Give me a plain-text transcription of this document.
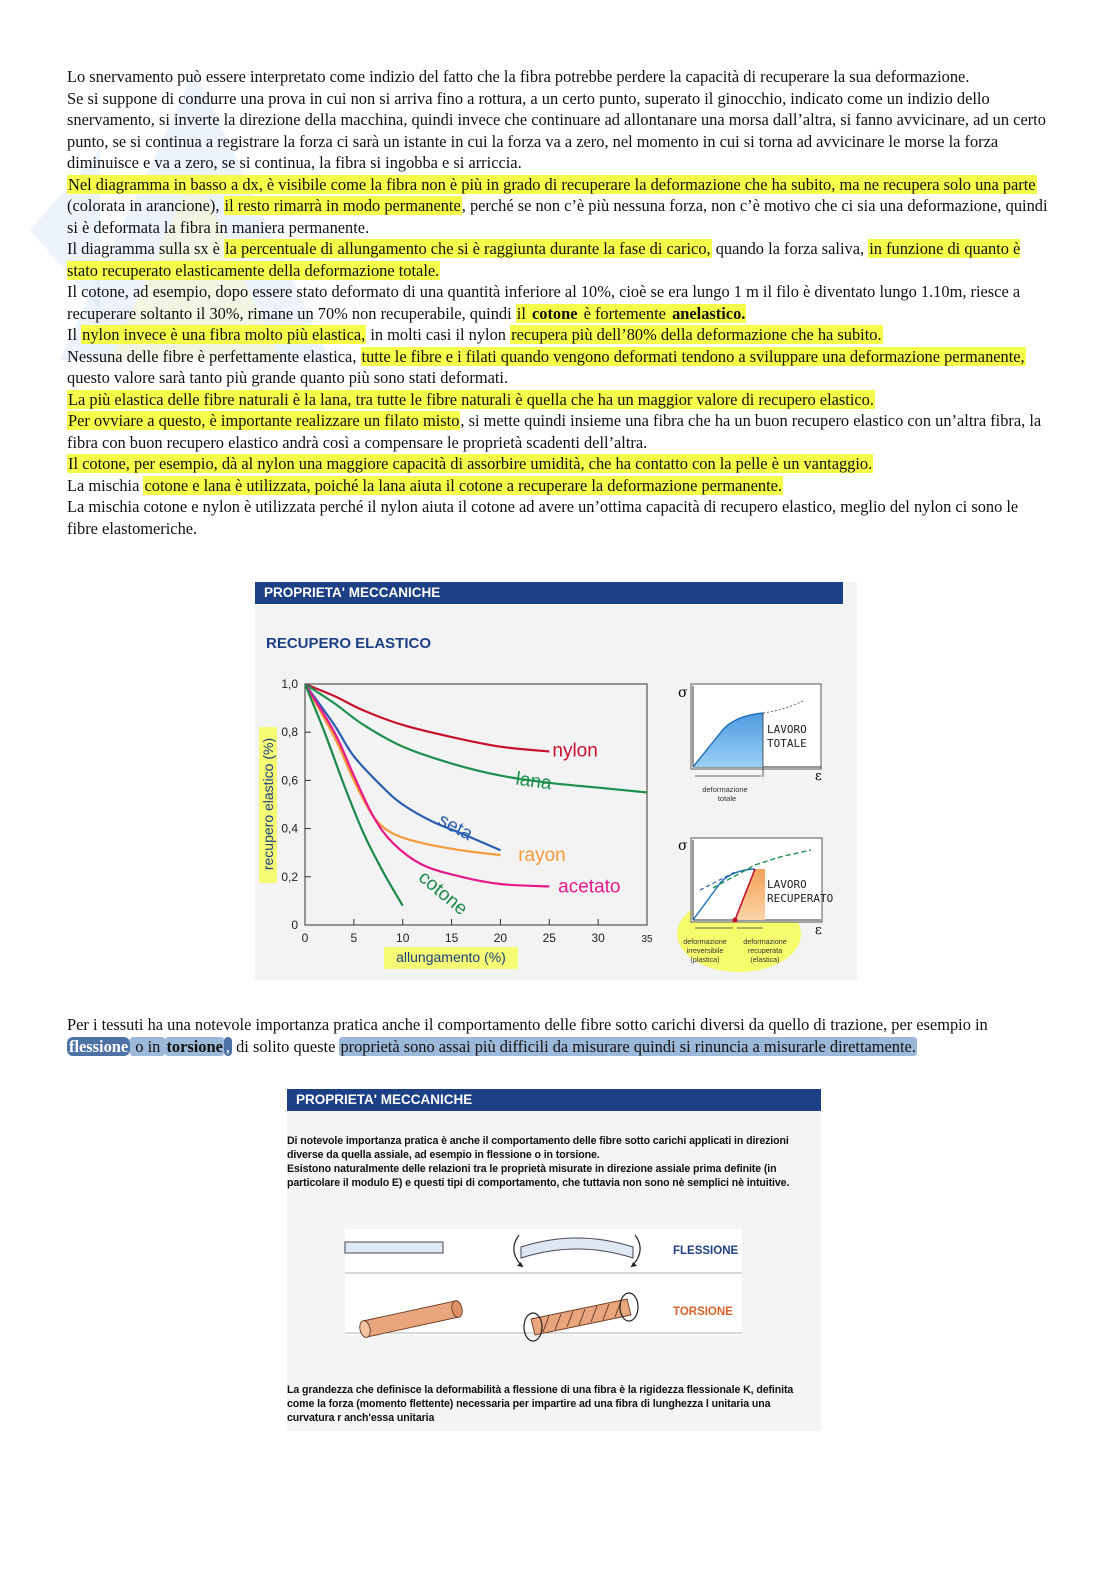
Lo snervamento può essere interpretato come indizio del fatto che la fibra potrebbe perdere la capacità di recuperare la sua deformazione.

Se si suppone di condurre una prova in cui non si arriva fino a rottura, a un certo punto, superato il ginocchio, indicato come un indizio dello snervamento, si inverte la direzione della macchina, quindi invece che continuare ad allontanare una morsa dall’altra, si fanno avvicinare, ad un certo punto, se si continua a registrare la forza ci sarà un istante in cui la forza va a zero, nel momento in cui si torna ad avvicinare le morse la forza diminuisce e va a zero, se si continua, la fibra si ingobba e si arriccia.

Nel diagramma in basso a dx, è visibile come la fibra non è più in grado di recuperare la deformazione che ha subito, ma ne recupera solo una parte (colorata in arancione), il resto rimarrà in modo permanente, perché se non c’è più nessuna forza, non c’è motivo che ci sia una deformazione, quindi si è deformata la fibra in maniera permanente.

Il diagramma sulla sx è la percentuale di allungamento che si è raggiunta durante la fase di carico, quando la forza saliva, in funzione di quanto è stato recuperato elasticamente della deformazione totale.

Il cotone, ad esempio, dopo essere stato deformato di una quantità inferiore al 10%, cioè se era lungo 1 m il filo è diventato lungo 1.10m, riesce a recuperare soltanto il 30%, rimane un 70% non recuperabile, quindi il cotone è fortemente anelastico.

Il nylon invece è una fibra molto più elastica, in molti casi il nylon recupera più dell’80% della deformazione che ha subito.

Nessuna delle fibre è perfettamente elastica, tutte le fibre e i filati quando vengono deformati tendono a sviluppare una deformazione permanente, questo valore sarà tanto più grande quanto più sono stati deformati.

La più elastica delle fibre naturali è la lana, tra tutte le fibre naturali è quella che ha un maggior valore di recupero elastico.

Per ovviare a questo, è importante realizzare un filato misto, si mette quindi insieme una fibra che ha un buon recupero elastico con un’altra fibra, la fibra con buon recupero elastico andrà così a compensare le proprietà scadenti dell’altra.

Il cotone, per esempio, dà al nylon una maggiore capacità di assorbire umidità, che ha contatto con la pelle è un vantaggio.

La mischia cotone e lana è utilizzata, poiché la lana aiuta il cotone a recuperare la deformazione permanente.

La mischia cotone e nylon è utilizzata perché il nylon aiuta il cotone ad avere un’ottima capacità di recupero elastico, meglio del nylon ci sono le fibre elastomeriche.

PROPRIETA' MECCANICHE
RECUPERO ELASTICO
0	5	10	15	20	25	30	35
0
0,2
0,4
0,6
0,8
1,0
nylon
lana
seta
rayon
acetato
cotone
allungamento (%)
recupero elastico (%)
σ
LAVORO
TOTALE
deformazione
totale
ε
σ
LAVORO
RECUPERATO
ε
deformazione
irreversibile
(plastica)
deformazione
recuperata
(elastica)

Per i tessuti ha una notevole importanza pratica anche il comportamento delle fibre sotto carichi diversi da quello di trazione, per esempio in flessione o in torsione , di solito queste proprietà sono assai più difficili da misurare quindi si rinuncia a misurarle direttamente.

PROPRIETA' MECCANICHE
Di notevole importanza pratica è anche il comportamento delle fibre sotto carichi applicati in direzioni
diverse da quella assiale, ad esempio in flessione o in torsione.
Esistono naturalmente delle relazioni tra le proprietà misurate in direzione assiale prima definite (in
particolare il modulo E) e questi tipi di comportamento, che tuttavia non sono nè semplici nè intuitive.
FLESSIONE
TORSIONE
La grandezza che definisce la deformabilità a flessione di una fibra è la rigidezza flessionale K, definita
come la forza (momento flettente) necessaria per impartire ad una fibra di lunghezza l unitaria una
curvatura r anch'essa unitaria
